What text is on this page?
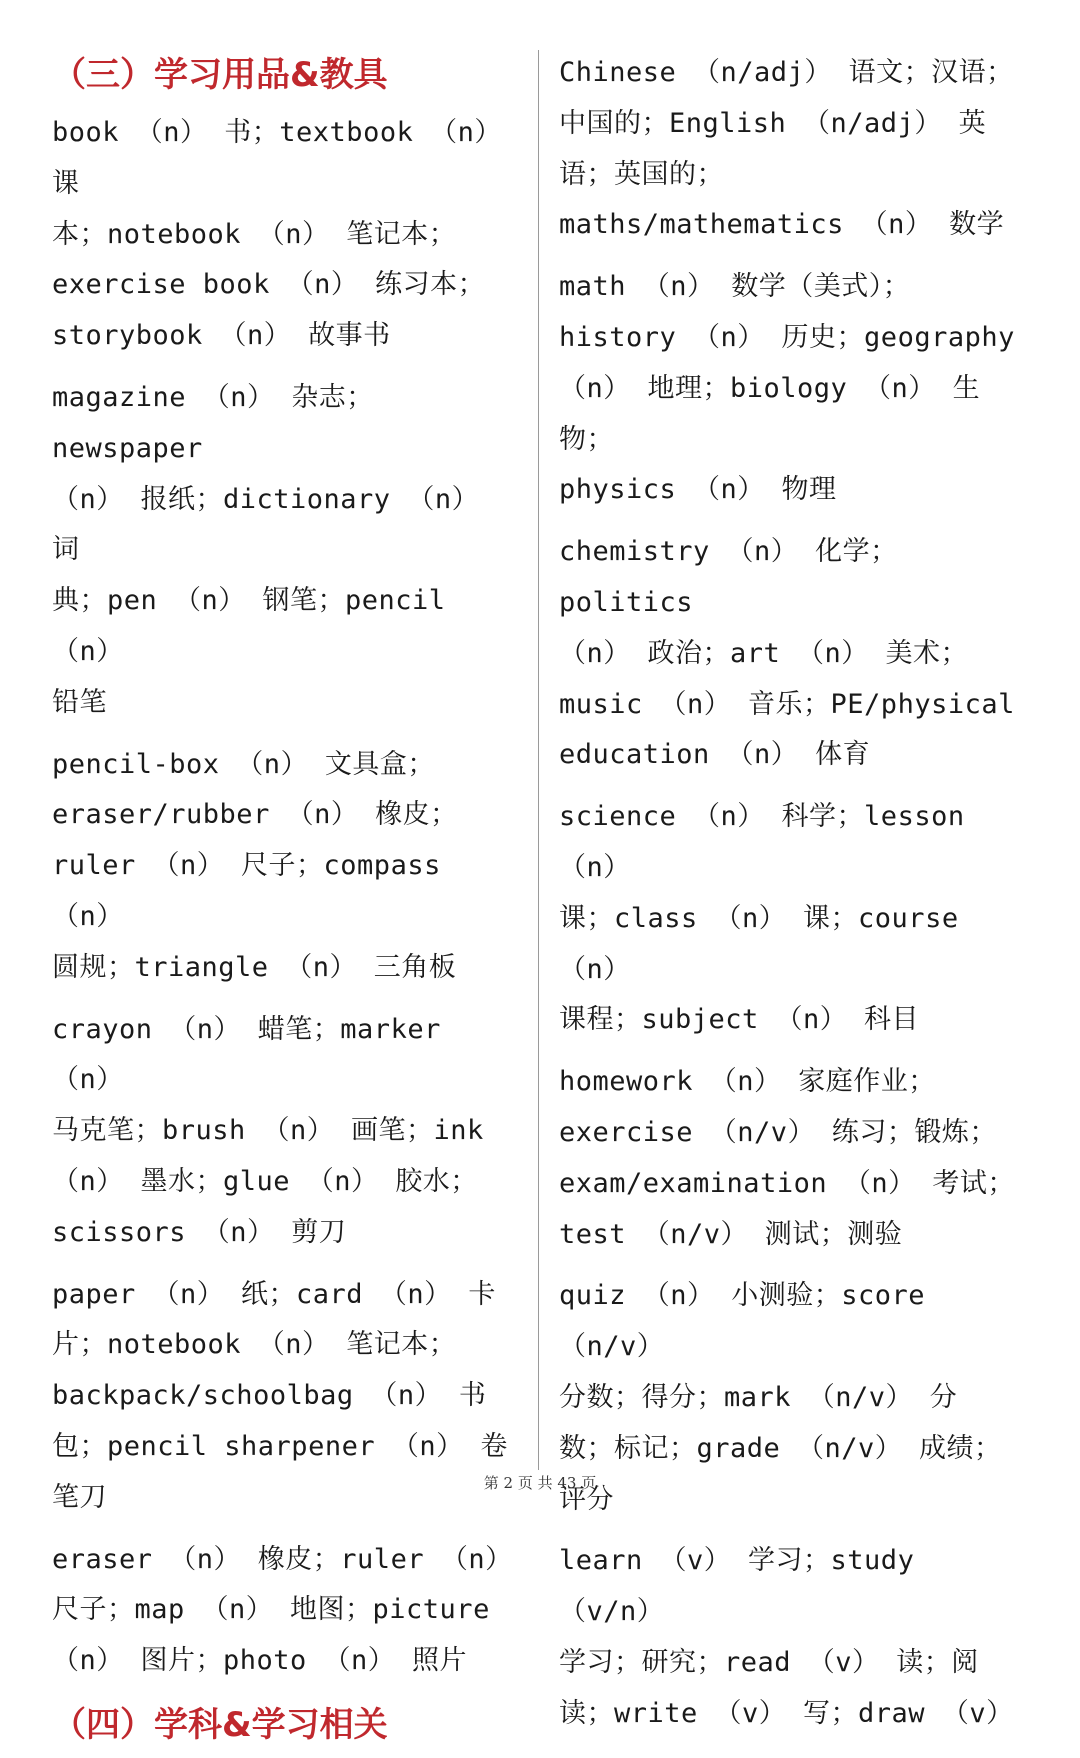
（三）学习用品&教具
book （n） 书；textbook （n） 课
本；notebook （n） 笔记本；
exercise book （n） 练习本；
storybook （n） 故事书
magazine （n） 杂志；newspaper
（n） 报纸；dictionary （n） 词
典；pen （n） 钢笔；pencil （n）
铅笔
pencil-box （n） 文具盒；
eraser/rubber （n） 橡皮；
ruler （n） 尺子；compass （n）
圆规；triangle （n） 三角板
crayon （n） 蜡笔；marker （n）
马克笔；brush （n） 画笔；ink
（n） 墨水；glue （n） 胶水；
scissors （n） 剪刀
paper （n） 纸；card （n） 卡
片；notebook （n） 笔记本；
backpack/schoolbag （n） 书
包；pencil sharpener （n） 卷
笔刀
eraser （n） 橡皮；ruler （n）
尺子；map （n） 地图；picture
（n） 图片；photo （n） 照片
（四）学科&学习相关
Chinese （n/adj） 语文；汉语；
中国的；English （n/adj） 英
语；英国的；
maths/mathematics （n） 数学
math （n） 数学（美式）；
history （n） 历史；geography
（n） 地理；biology （n） 生物；
physics （n） 物理
chemistry （n） 化学；politics
（n） 政治；art （n） 美术；
music （n） 音乐；PE/physical
education （n） 体育
science （n） 科学；lesson （n）
课；class （n） 课；course （n）
课程；subject （n） 科目
homework （n） 家庭作业；
exercise （n/v） 练习；锻炼；
exam/examination （n） 考试；
test （n/v） 测试；测验
quiz （n） 小测验；score （n/v）
分数；得分；mark （n/v） 分
数；标记；grade （n/v） 成绩；
评分
learn （v） 学习；study （v/n）
学习；研究；read （v） 读；阅
读；write （v） 写；draw （v）
第 2 页 共 43 页
